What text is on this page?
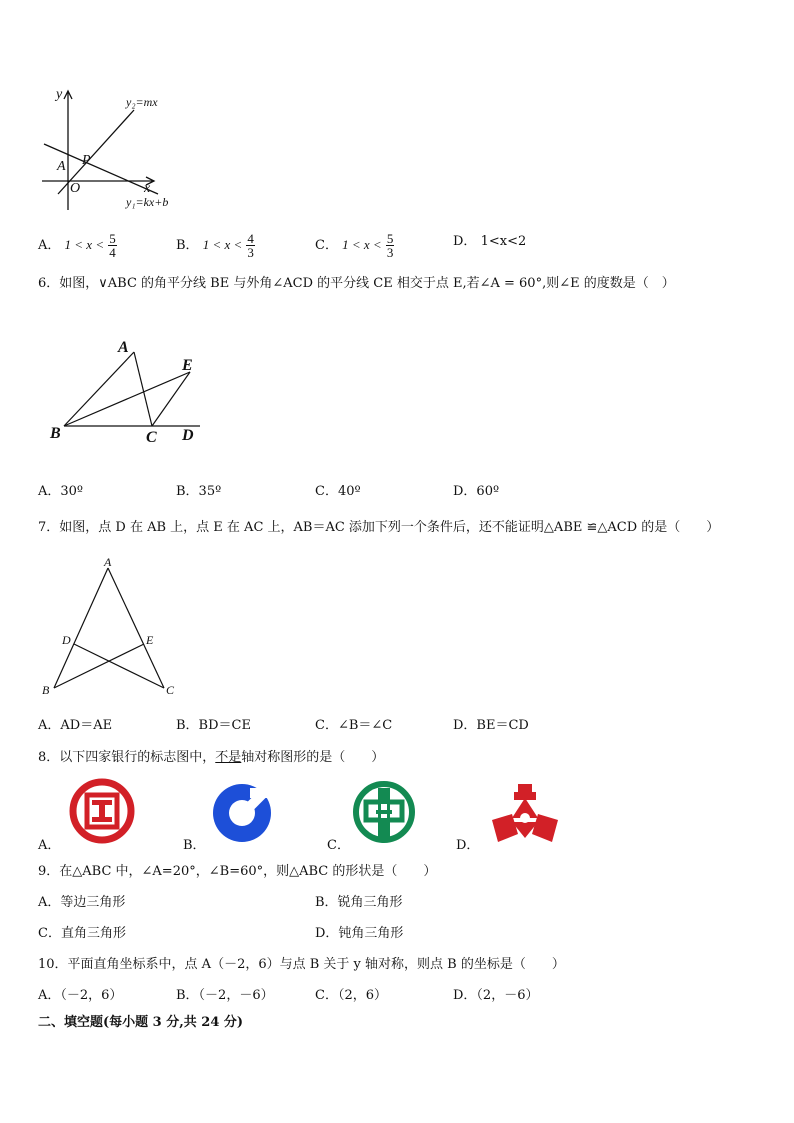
y
x
O
A P
y₂=mx
y₁=kx+b
A． $1 < x < \frac{5}{4}$	B． $1 < x < \frac{4}{3}$	C． $1 < x < \frac{5}{3}$	D． 1<x<2
6．如图，∨ABC 的角平分线 BE 与外角∠ACD 的平分线 CE 相交于点 E,若∠A = 60°,则∠E 的度数是（　）
A
E
B	C D
A．30º	B．35º	C．40º	D．60º
7．如图，点 D 在 AB 上，点 E 在 AC 上，AB＝AC 添加下列一个条件后，还不能证明△ABE ≌△ACD 的是（　　）
A
D	E
B	C
A．AD＝AE	B．BD＝CE	C．∠B＝∠C	D．BE＝CD
8．以下四家银行的标志图中，不是轴对称图形的是（　　）
A．	B．	C．	D．
9．在△ABC 中，∠A=20°，∠B=60°，则△ABC 的形状是（　　）
A．等边三角形	B．锐角三角形
C．直角三角形	D．钝角三角形
10．平面直角坐标系中，点 A（－2，6）与点 B 关于 y 轴对称，则点 B 的坐标是（　　）
A．（－2，6）	B．（－2，－6）	C．（2，6）	D．（2，－6）
二、填空题(每小题 3 分,共 24 分)
